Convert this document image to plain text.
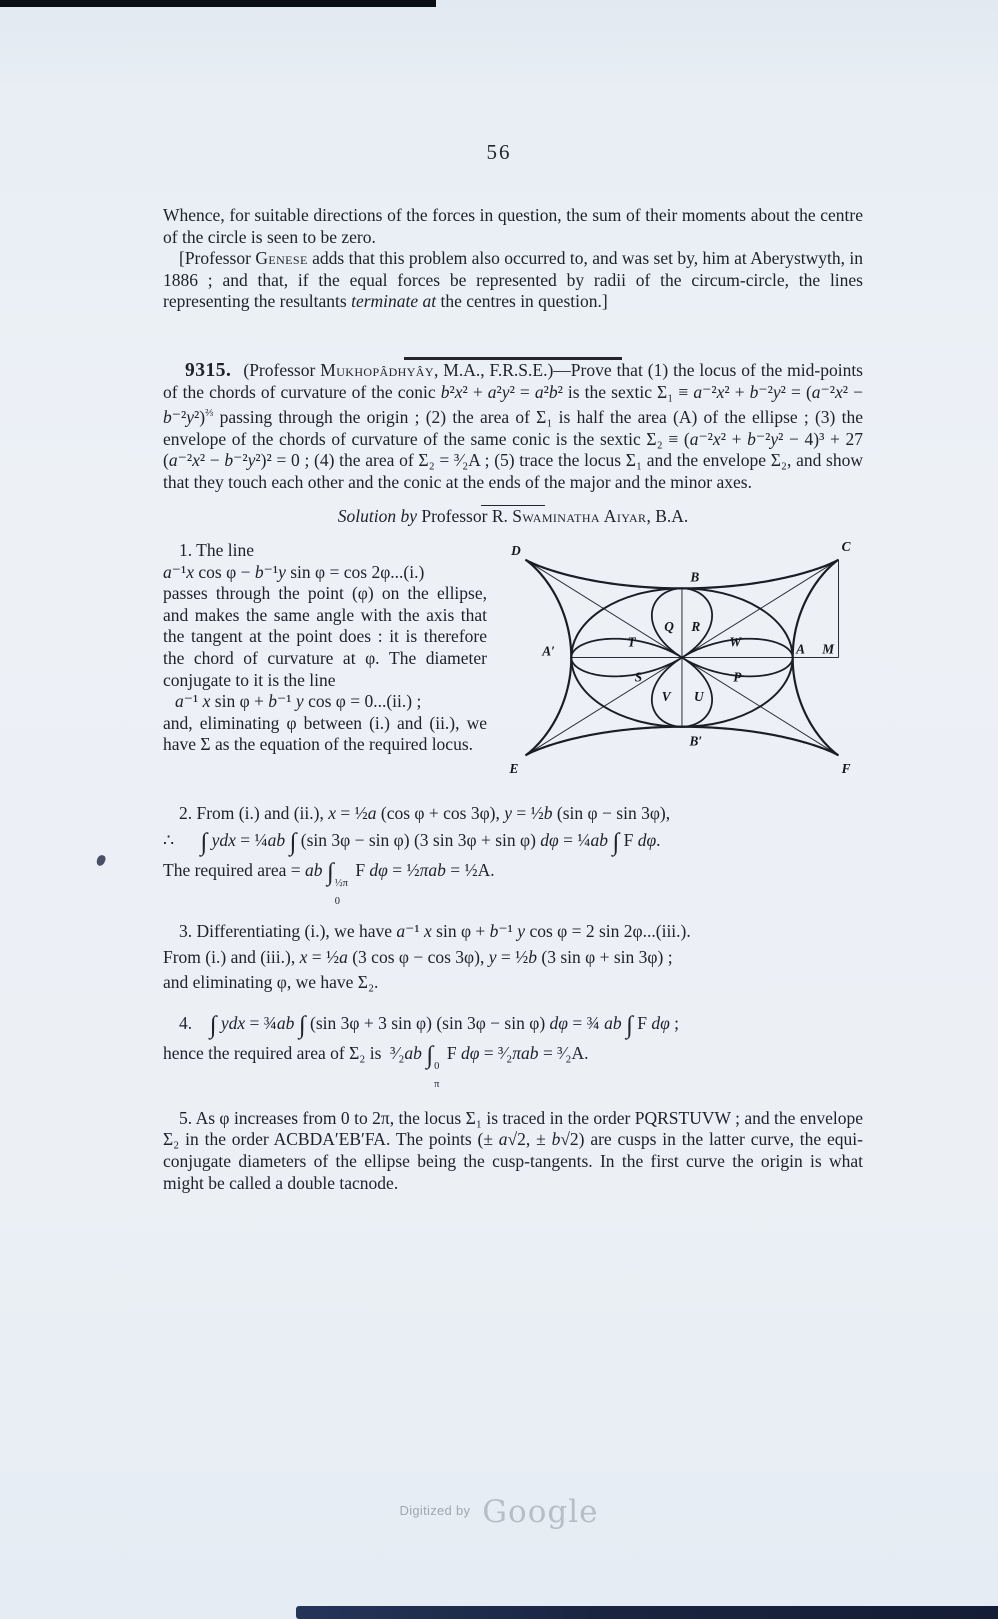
56

Whence, for suitable directions of the forces in question, the sum of their moments about the centre of the circle is seen to be zero.

[Professor Genese adds that this problem also occurred to, and was set by, him at Aberystwyth, in 1886 ; and that, if the equal forces be represented by radii of the circum-circle, the lines representing the resultants terminate at the centres in question.]

9315. (Professor Mukhopâdhyây, M.A., F.R.S.E.)—Prove that (1) the locus of the mid-points of the chords of curvature of the conic b²x² + a²y² = a²b² is the sextic $\Sigma_1 \equiv a^{-2}x^2 + b^{-2}y^2 = (a^{-2}x^2 - b^{-2}y^2)^{\frac{2}{3}}$ passing through the origin ; (2) the area of Σ₁ is half the area (A) of the ellipse ; (3) the envelope of the chords of curvature of the same conic is the sextic Σ₂ ≡ (a⁻²x² + b⁻²y² − 4)³ + 27 (a⁻²x² − b⁻²y²)² = 0 ; (4) the area of Σ₂ = ³⁄₂A ; (5) trace the locus Σ₁ and the envelope Σ₂, and show that they touch each other and the conic at the ends of the major and the minor axes.

Solution by Professor R. Swaminatha Aiyar, B.A.

1. The line

a⁻¹x cos φ − b⁻¹y sin φ = cos 2φ...(i.)

passes through the point (φ) on the ellipse, and makes the same angle with the axis that the tangent at the point does : it is therefore the chord of curvature at φ. The diameter conjugate to it is the line

a⁻¹ x sin φ + b⁻¹ y cos φ = 0...(ii.) ;

and, eliminating φ between (i.) and (ii.), we have Σ as the equation of the required locus.

D	C
B
Q R
A′
T	W
S	P
A M
V U
B′
E	F

2. From (i.) and (ii.), x = ½a (cos φ + cos 3φ), y = ½b (sin φ − sin 3φ),

∴  ∫ ydx = ¼ab ∫ (sin 3φ − sin φ) (3 sin 3φ + sin φ) dφ = ¼ab ∫ F dφ.

The required area = ab ∫ ½π
0
F dφ = ½πab = ½A.

3. Differentiating (i.), we have a⁻¹ x sin φ + b⁻¹ y cos φ = 2 sin 2φ...(iii.).

From (i.) and (iii.), x = ½a (3 cos φ − cos 3φ), y = ½b (3 sin φ + sin 3φ) ;

and eliminating φ, we have Σ₂.

4. ∫ ydx = ¾ab ∫ (sin 3φ + 3 sin φ) (sin 3φ − sin φ) dφ = ¾ ab ∫ F dφ ;

hence the required area of Σ₂ is  ³⁄₂ab ∫ 0
π
F dφ = ³⁄₂πab = ³⁄₂A.

5. As φ increases from 0 to 2π, the locus Σ₁ is traced in the order PQRSTUVW ; and the envelope Σ₂ in the order ACBDA′EB′FA. The points (± a√2, ± b√2) are cusps in the latter curve, the equi-conjugate diameters of the ellipse being the cusp-tangents. In the first curve the origin is what might be called a double tacnode.

$^{Digitized by}$ Google
